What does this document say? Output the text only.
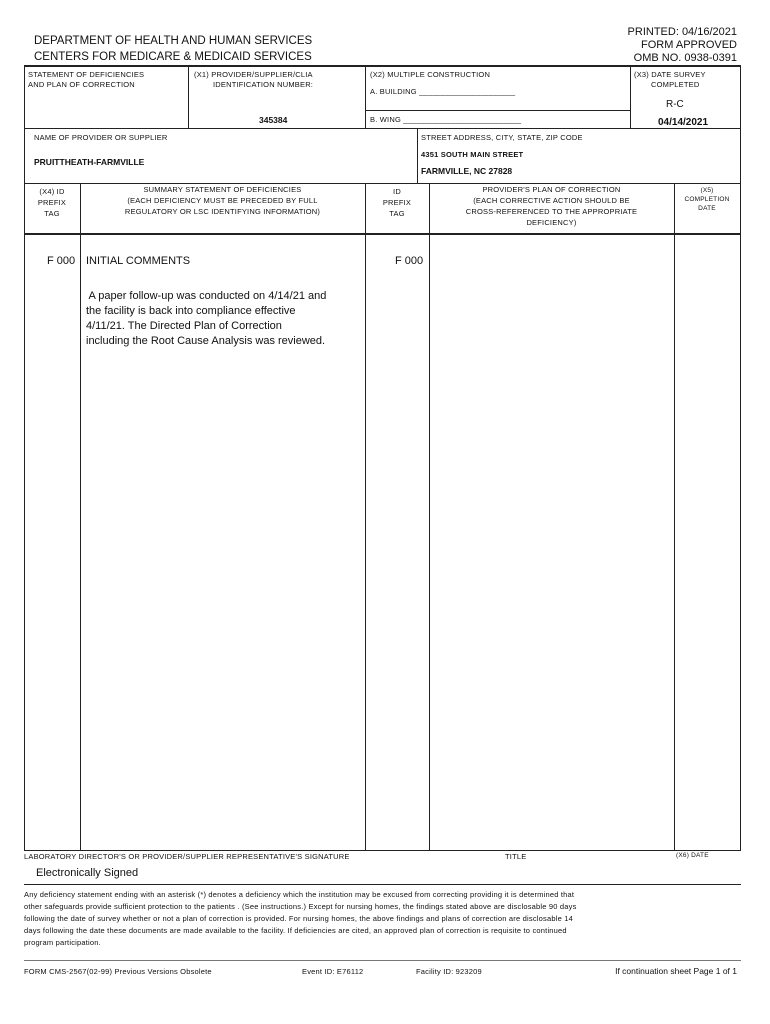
PRINTED: 04/16/2021
FORM APPROVED
OMB NO. 0938-0391
DEPARTMENT OF HEALTH AND HUMAN SERVICES
CENTERS FOR MEDICARE & MEDICAID SERVICES
STATEMENT OF DEFICIENCIES
AND PLAN OF CORRECTION
(X1) PROVIDER/SUPPLIER/CLIA
IDENTIFICATION NUMBER:
345384
(X2) MULTIPLE CONSTRUCTION
A. BUILDING ______________________
B. WING ___________________________
(X3) DATE SURVEY
COMPLETED
R-C
04/14/2021
NAME OF PROVIDER OR SUPPLIER
PRUITTHEATH-FARMVILLE
STREET ADDRESS, CITY, STATE, ZIP CODE
4351 SOUTH MAIN STREET
FARMVILLE, NC 27828
(X4) ID
PREFIX
TAG
SUMMARY STATEMENT OF DEFICIENCIES
(EACH DEFICIENCY MUST BE PRECEDED BY FULL
REGULATORY OR LSC IDENTIFYING INFORMATION)
ID
PREFIX
TAG
PROVIDER'S PLAN OF CORRECTION
(EACH CORRECTIVE ACTION SHOULD BE
CROSS-REFERENCED TO THE APPROPRIATE
DEFICIENCY)
(X5)
COMPLETION
DATE
F 000 INITIAL COMMENTS	F 000
A paper follow-up was conducted on 4/14/21 and
the facility is back into compliance effective
4/11/21. The Directed Plan of Correction
including the Root Cause Analysis was reviewed.
LABORATORY DIRECTOR'S OR PROVIDER/SUPPLIER REPRESENTATIVE'S SIGNATURE	TITLE	(X6) DATE
Electronically Signed
Any deficiency statement ending with an asterisk (*) denotes a deficiency which the institution may be excused from correcting providing it is determined that
other safeguards provide sufficient protection to the patients . (See instructions.) Except for nursing homes, the findings stated above are disclosable 90 days
following the date of survey whether or not a plan of correction is provided. For nursing homes, the above findings and plans of correction are disclosable 14
days following the date these documents are made available to the facility. If deficiencies are cited, an approved plan of correction is requisite to continued
program participation.
FORM CMS-2567(02-99) Previous Versions Obsolete	Event ID: E76112	Facility ID: 923209	If continuation sheet Page 1 of 1
